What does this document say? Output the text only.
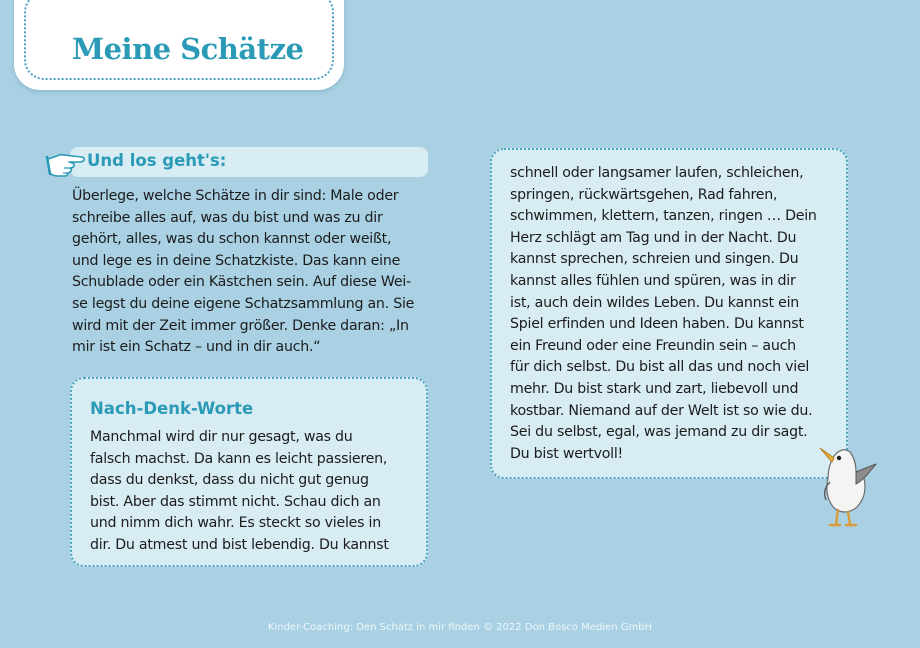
Meine Schätze
Und los geht's:
Überlege, welche Schätze in dir sind: Male oder
schreibe alles auf, was du bist und was zu dir
gehört, alles, was du schon kannst oder weißt,
und lege es in deine Schatzkiste. Das kann eine
Schublade oder ein Kästchen sein. Auf diese Wei-
se legst du deine eigene Schatzsammlung an. Sie
wird mit der Zeit immer größer. Denke daran: „In
mir ist ein Schatz – und in dir auch.“
Nach-Denk-Worte
Manchmal wird dir nur gesagt, was du
falsch machst. Da kann es leicht passieren,
dass du denkst, dass du nicht gut genug
bist. Aber das stimmt nicht. Schau dich an
und nimm dich wahr. Es steckt so vieles in
dir. Du atmest und bist lebendig. Du kannst
schnell oder langsamer laufen, schleichen,
springen, rückwärtsgehen, Rad fahren,
schwimmen, klettern, tanzen, ringen … Dein
Herz schlägt am Tag und in der Nacht. Du
kannst sprechen, schreien und singen. Du
kannst alles fühlen und spüren, was in dir
ist, auch dein wildes Leben. Du kannst ein
Spiel erfinden und Ideen haben. Du kannst
ein Freund oder eine Freundin sein – auch
für dich selbst. Du bist all das und noch viel
mehr. Du bist stark und zart, liebevoll und
kostbar. Niemand auf der Welt ist so wie du.
Sei du selbst, egal, was jemand zu dir sagt.
Du bist wertvoll!
Kinder-Coaching: Den Schatz in mir finden © 2022 Don Bosco Medien GmbH
